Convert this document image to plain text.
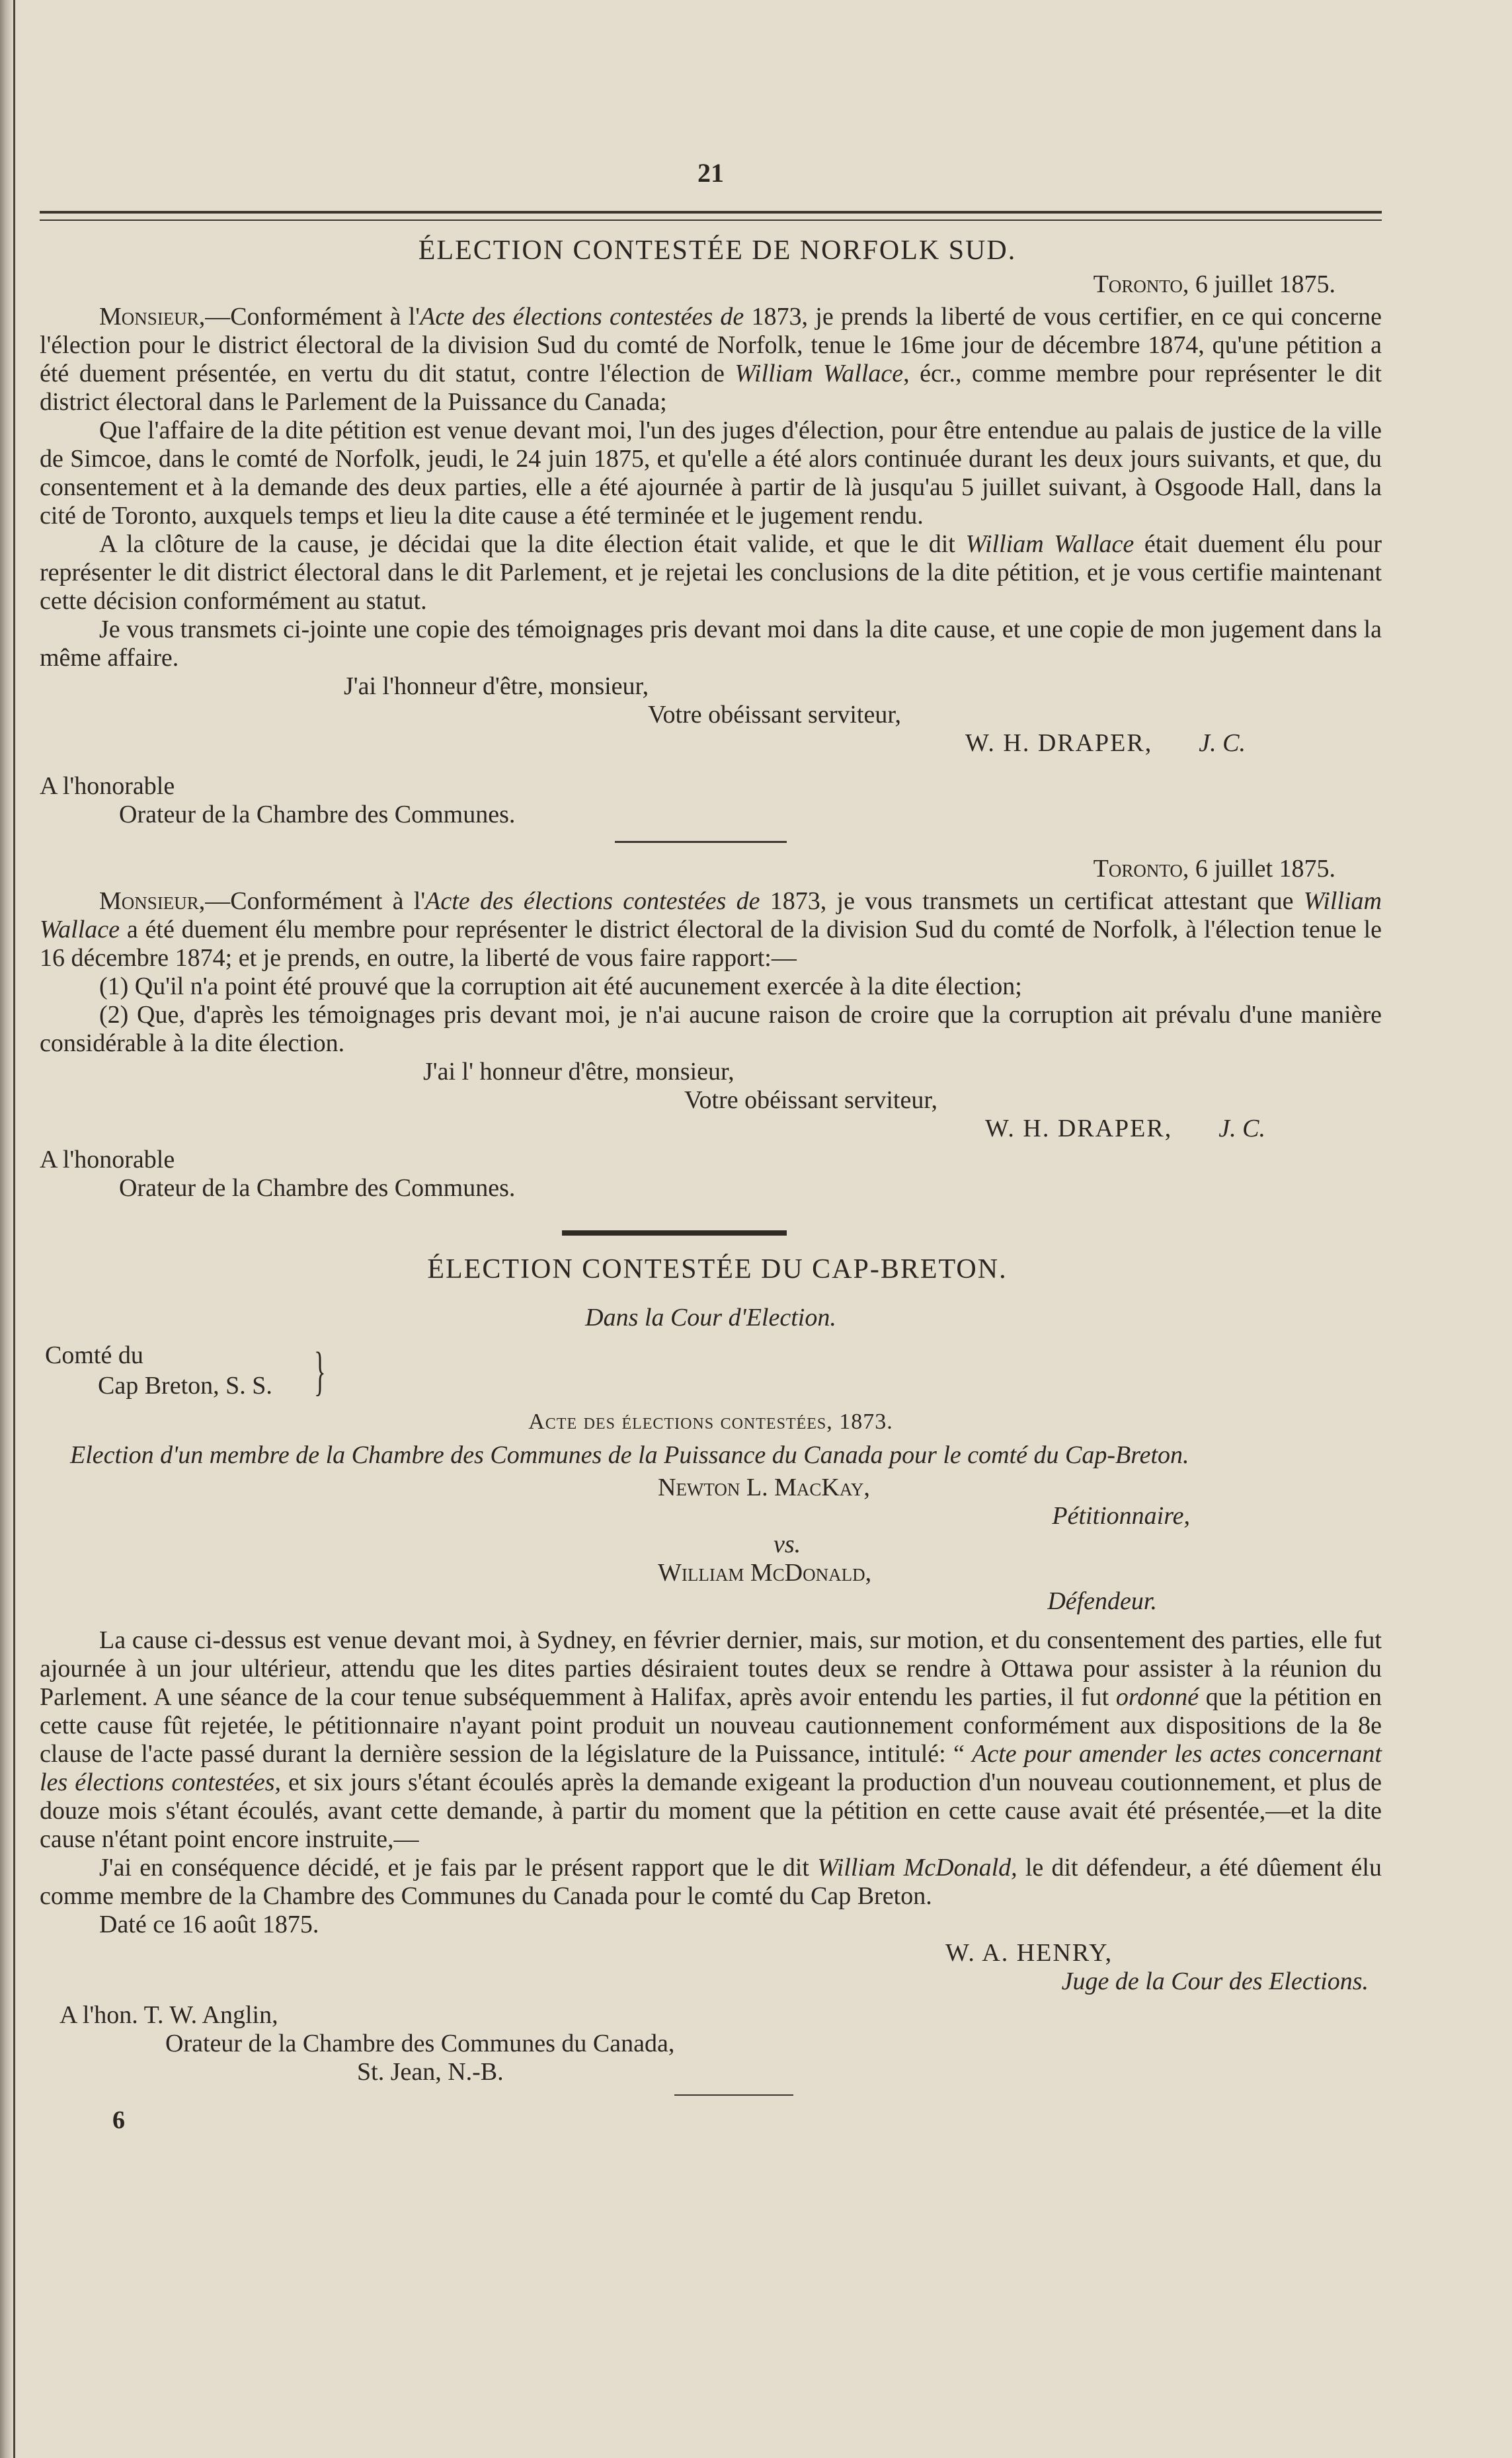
21
ÉLECTION CONTESTÉE DE NORFOLK SUD.
Toronto, 6 juillet 1875.

Monsieur,—Conformément à l'Acte des élections contestées de 1873, je prends la liberté de vous certifier, en ce qui concerne l'élection pour le district électoral de la division Sud du comté de Norfolk, tenue le 16me jour de décembre 1874, qu'une pétition a été duement présentée, en vertu du dit statut, contre l'élection de William Wallace, écr., comme membre pour représenter le dit district électoral dans le Parlement de la Puissance du Canada;

Que l'affaire de la dite pétition est venue devant moi, l'un des juges d'élection, pour être entendue au palais de justice de la ville de Simcoe, dans le comté de Norfolk, jeudi, le 24 juin 1875, et qu'elle a été alors continuée durant les deux jours suivants, et que, du consentement et à la demande des deux parties, elle a été ajournée à partir de là jusqu'au 5 juillet suivant, à Osgoode Hall, dans la cité de Toronto, auxquels temps et lieu la dite cause a été terminée et le jugement rendu.

A la clôture de la cause, je décidai que la dite élection était valide, et que le dit William Wallace était duement élu pour représenter le dit district électoral dans le dit Parlement, et je rejetai les conclusions de la dite pétition, et je vous certifie maintenant cette décision conformément au statut.

Je vous transmets ci-jointe une copie des témoignages pris devant moi dans la dite cause, et une copie de mon jugement dans la même affaire.

J'ai l'honneur d'être, monsieur,
Votre obéissant serviteur,
W. H. DRAPER, J. C.
A l'honorable
Orateur de la Chambre des Communes.
Toronto, 6 juillet 1875.

Monsieur,—Conformément à l'Acte des élections contestées de 1873, je vous transmets un certificat attestant que William Wallace a été duement élu membre pour représenter le district électoral de la division Sud du comté de Norfolk, à l'élection tenue le 16 décembre 1874; et je prends, en outre, la liberté de vous faire rapport:—

(1) Qu'il n'a point été prouvé que la corruption ait été aucunement exercée à la dite élection;

(2) Que, d'après les témoignages pris devant moi, je n'ai aucune raison de croire que la corruption ait prévalu d'une manière considérable à la dite élection.

J'ai l' honneur d'être, monsieur,
Votre obéissant serviteur,
W. H. DRAPER, J. C.
A l'honorable
Orateur de la Chambre des Communes.
ÉLECTION CONTESTÉE DU CAP-BRETON.
Dans la Cour d'Election.
Comté du
Cap Breton, S. S. }
Acte des élections contestées, 1873.
Election d'un membre de la Chambre des Communes de la Puissance du Canada pour le comté du Cap-Breton.
Newton L. MacKay,
Pétitionnaire,
vs.
William McDonald,
Défendeur.

La cause ci-dessus est venue devant moi, à Sydney, en février dernier, mais, sur motion, et du consentement des parties, elle fut ajournée à un jour ultérieur, attendu que les dites parties désiraient toutes deux se rendre à Ottawa pour assister à la réunion du Parlement. A une séance de la cour tenue subséquemment à Halifax, après avoir entendu les parties, il fut ordonné que la pétition en cette cause fût rejetée, le pétitionnaire n'ayant point produit un nouveau cautionnement conformément aux dispositions de la 8e clause de l'acte passé durant la dernière session de la législature de la Puissance, intitulé: “ Acte pour amender les actes concernant les élections contestées, et six jours s'étant écoulés après la demande exigeant la production d'un nouveau coutionnement, et plus de douze mois s'étant écoulés, avant cette demande, à partir du moment que la pétition en cette cause avait été présentée,—et la dite cause n'étant point encore instruite,—

J'ai en conséquence décidé, et je fais par le présent rapport que le dit William McDonald, le dit défendeur, a été dûement élu comme membre de la Chambre des Communes du Canada pour le comté du Cap Breton.

Daté ce 16 août 1875.

W. A. HENRY,
Juge de la Cour des Elections.
A l'hon. T. W. Anglin,
Orateur de la Chambre des Communes du Canada,
St. Jean, N.-B.
6
